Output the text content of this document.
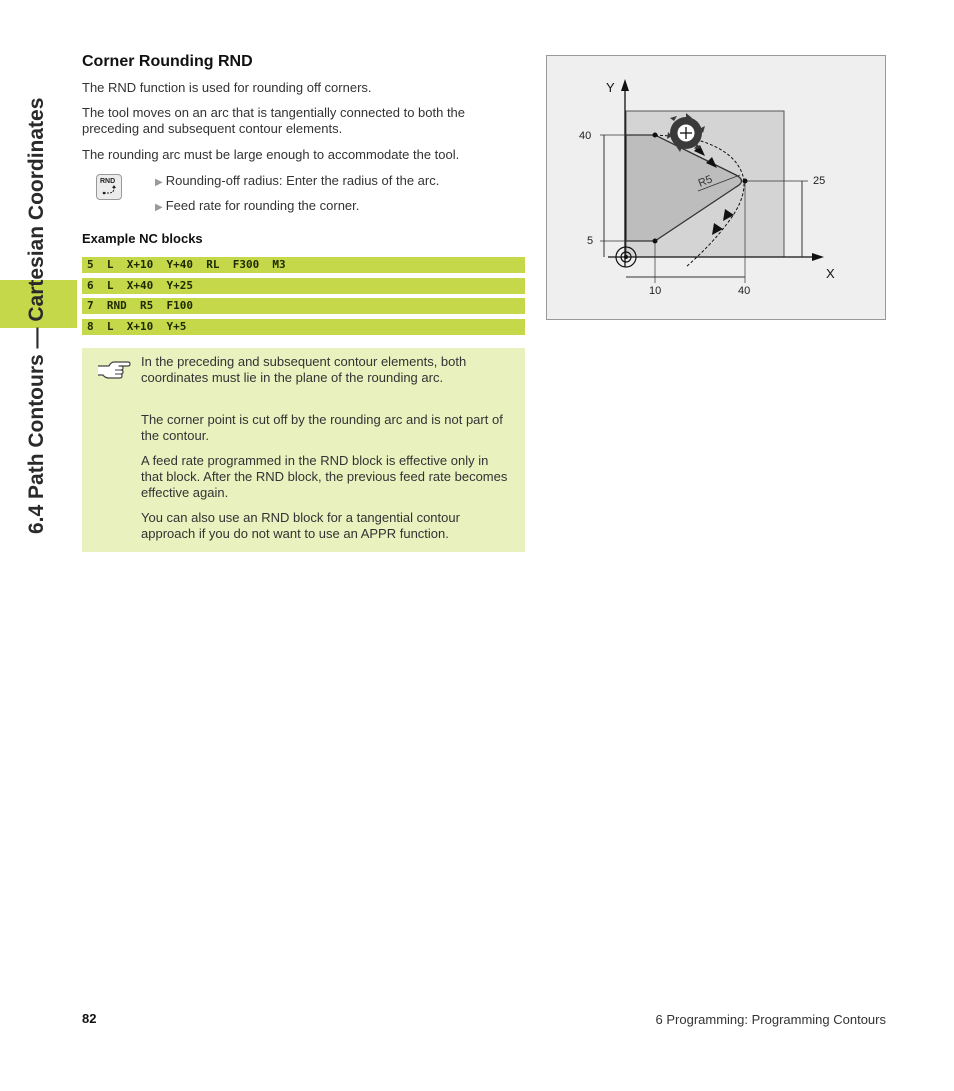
6.4 Path Contours — Cartesian Coordinates
Corner Rounding RND

The RND function is used for rounding off corners.

The tool moves on an arc that is tangentially connected to both the preceding and subsequent contour elements.

The rounding arc must be large enough to accommodate the tool.

RND	▶ Rounding-off radius: Enter the radius of the arc.
▶ Feed rate for rounding the corner.
Example NC blocks
5  L  X+10  Y+40  RL  F300  M3
6  L  X+40  Y+25
7  RND  R5  F100
8  L  X+10  Y+5

In the preceding and subsequent contour elements, both coordinates must lie in the plane of the rounding arc.

The corner point is cut off by the rounding arc and is not part of the contour.

A feed rate programmed in the RND block is effective only in that block. After the RND block, the previous feed rate becomes effective again.

You can also use an RND block for a tangential contour approach if you do not want to use an APPR function.

Y
X
40
5
25
10	40
R5
82	6 Programming: Programming Contours
